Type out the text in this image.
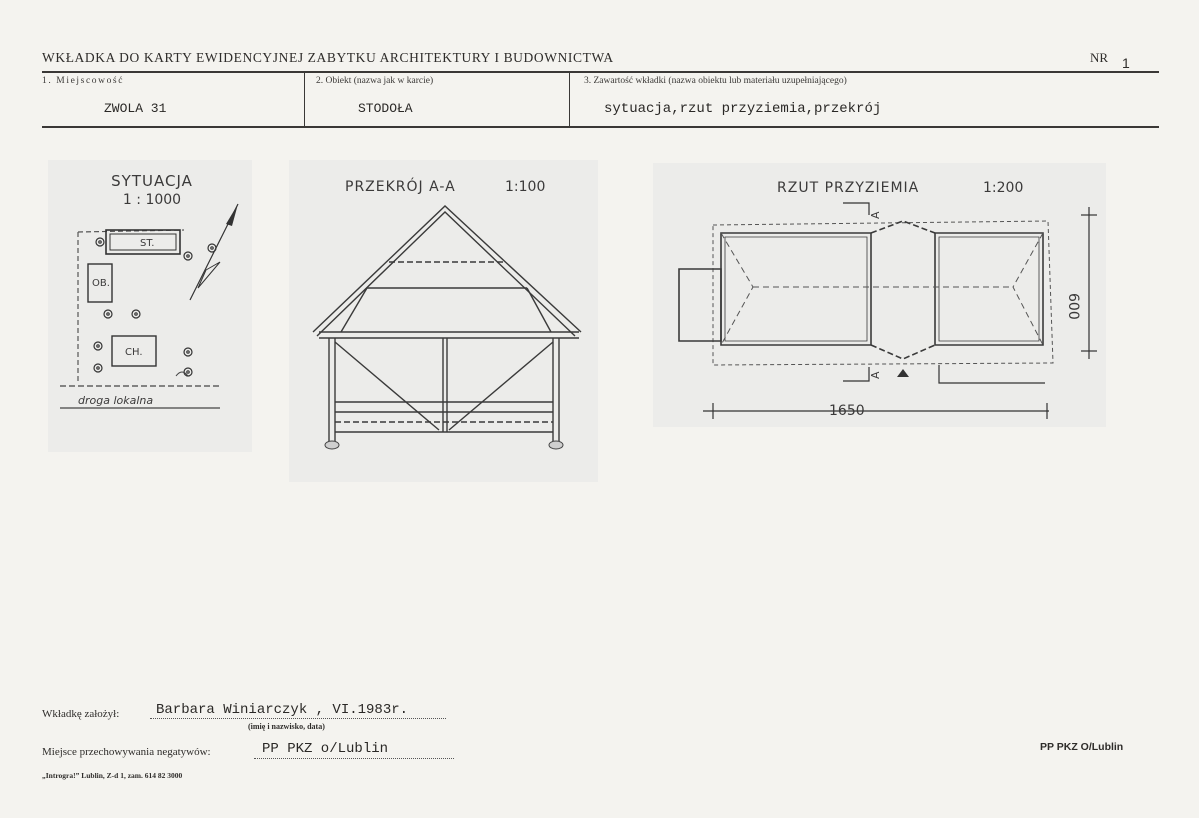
WKŁADKA DO KARTY EWIDENCYJNEJ ZABYTKU ARCHITEKTURY I BUDOWNICTWA	NR 1
1. Miejscowość
ZWOLA 31
2. Obiekt (nazwa jak w karcie)
STODOŁA
3. Zawartość wkładki (nazwa obiektu lub materiału uzupełniającego)
sytuacja,rzut przyziemia,przekrój
SYTUACJA
1 : 1000
ST.
OB.
CH.
droga lokalna
PRZEKRÓJ A-A	1:100	RZUT PRZYZIEMIA	1:200
A
A
1650
600
Wkładkę założył:	Barbara Winiarczyk , VI.1983r.
(imię i nazwisko, data)
Miejsce przechowywania negatywów:	PP PKZ o/Lublin	PP PKZ O/Lublin
„Introgra!” Lublin, Z-d 1, zam. 614 82 3000
